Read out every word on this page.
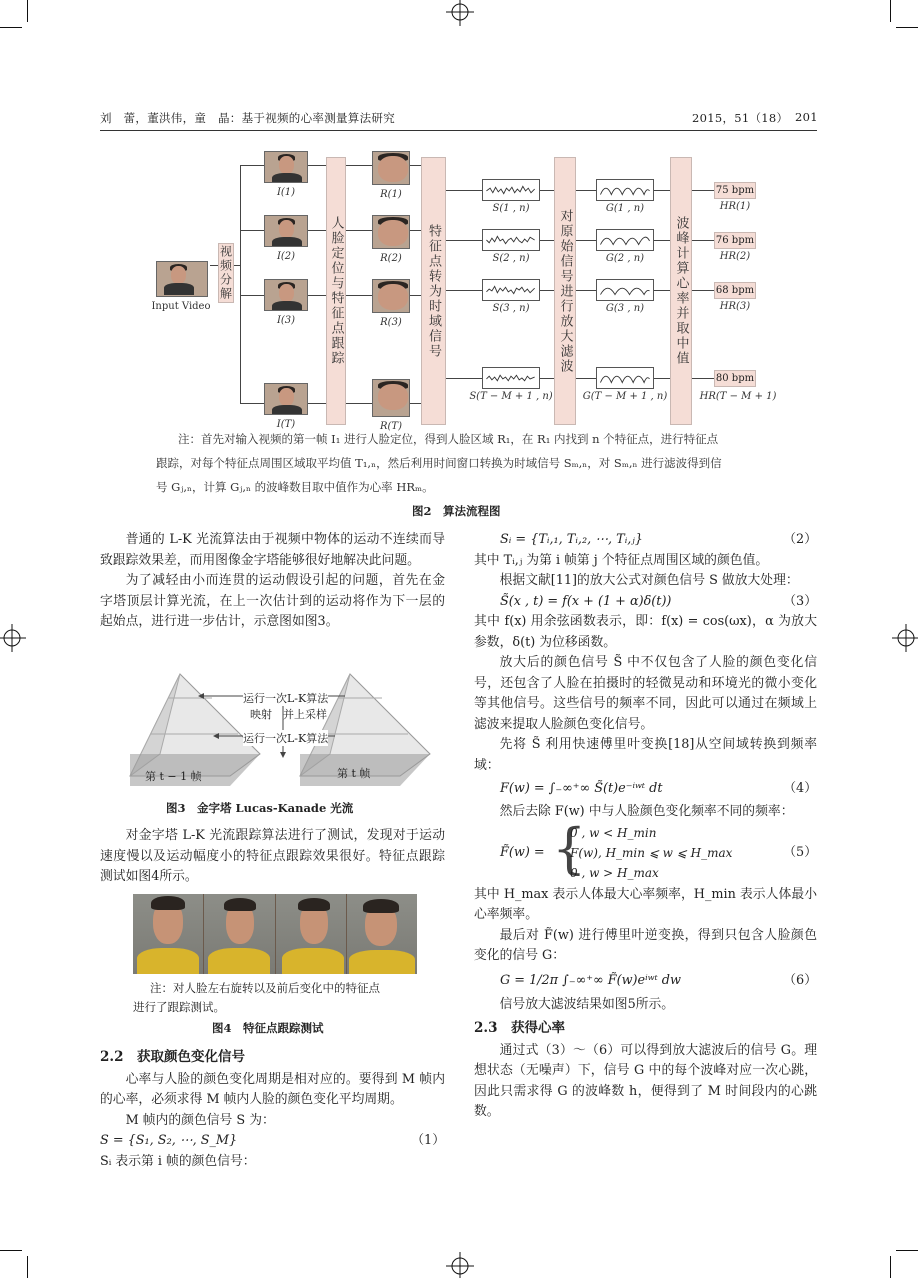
刘　蕾，董洪伟，童　晶：基于视频的心率测量算法研究	2015，51（18） 201
Input Video
视频分解
I(1)
I(2)
I(3)
I(T)
人脸定位与特征点跟踪
R(1)
R(2)
R(3)
R(T)
特征点转为时域信号
S(1 , n)
S(2 , n)
S(3 , n)
S(T − M + 1 , n)
对原始信号进行放大滤波	G(1 , n)
G(2 , n)
G(3 , n)
G(T − M + 1 , n)
波峰计算心率并取中值
75 bpm
HR(1)
76 bpm
HR(2)
68 bpm
HR(3)
80 bpm
HR(T − M + 1)
注：首先对输入视频的第一帧 I₁ 进行人脸定位，得到人脸区域 R₁，在 R₁ 内找到 n 个特征点，进行特征点
跟踪，对每个特征点周围区域取平均值 T₁,ₙ，然后利用时间窗口转换为时域信号 Sₘ,ₙ，对 Sₘ,ₙ 进行滤波得到信
号 Gⱼ,ₙ，计算 Gⱼ,ₙ 的波峰数目取中值作为心率 HRₘ。
图2　算法流程图

普通的 L-K 光流算法由于视频中物体的运动不连续而导致跟踪效果差，而用图像金字塔能够很好地解决此问题。

为了减轻由小而连贯的运动假设引起的问题，首先在金字塔顶层计算光流，在上一次估计到的运动将作为下一层的起始点，进行进一步估计，示意图如图3。

运行一次L-K算法
映射　并上采样
运行一次L-K算法
第 t − 1 帧	第 t 帧
图3　金字塔 Lucas-Kanade 光流

对金字塔 L-K 光流跟踪算法进行了测试，发现对于运动速度慢以及运动幅度小的特征点跟踪效果很好。特征点跟踪测试如图4所示。

注：对人脸左右旋转以及前后变化中的特征点
进行了跟踪测试。
图4　特征点跟踪测试
2.2　获取颜色变化信号

心率与人脸的颜色变化周期是相对应的。要得到 M 帧内的心率，必须求得 M 帧内人脸的颜色变化平均周期。

M 帧内的颜色信号 S 为：

S = {S₁, S₂, ⋯, S_M}	（1）

Sᵢ 表示第 i 帧的颜色信号：

Sᵢ = {Tᵢ,₁, Tᵢ,₂, ⋯, Tᵢ,ⱼ}	（2）

其中 Tᵢ,ⱼ 为第 i 帧第 j 个特征点周围区域的颜色值。

根据文献[11]的放大公式对颜色信号 S 做放大处理：

S̃(x , t) = f(x + (1 + α)δ(t))	（3）

其中 f(x) 用余弦函数表示，即：f(x) = cos(ωx)，α 为放大参数，δ(t) 为位移函数。

放大后的颜色信号 S̃ 中不仅包含了人脸的颜色变化信号，还包含了人脸在拍摄时的轻微晃动和环境光的微小变化等其他信号。这些信号的频率不同，因此可以通过在频域上滤波来提取人脸颜色变化信号。

先将 S̃ 利用快速傅里叶变换[18]从空间域转换到频率域：

F(w) = ∫₋∞⁺∞ S̃(t)e⁻ⁱʷᵗ dt	（4）

然后去除 F(w) 中与人脸颜色变化频率不同的频率：

F̃(w) = {
0 , w < H_min
F(w), H_min ⩽ w ⩽ H_max
0 , w > H_max
（5）

其中 H_max 表示人体最大心率频率，H_min 表示人体最小心率频率。

最后对 F̃(w) 进行傅里叶逆变换，得到只包含人脸颜色变化的信号 G：

G = 1/2π ∫₋∞⁺∞ F̃(w)eⁱʷᵗ dw	（6）

信号放大滤波结果如图5所示。

2.3　获得心率

通过式（3）～（6）可以得到放大滤波后的信号 G。理想状态（无噪声）下，信号 G 中的每个波峰对应一次心跳，因此只需求得 G 的波峰数 h，便得到了 M 时间段内的心跳数。
